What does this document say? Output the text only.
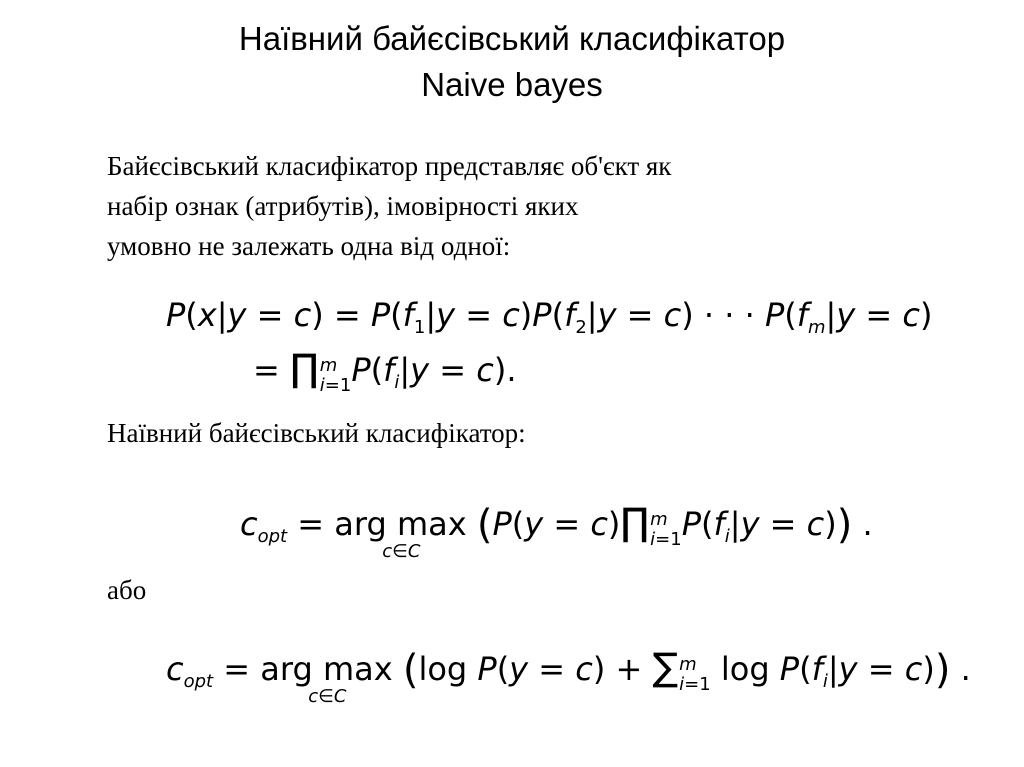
Наївний байєсівський класифікатор
Naive bayes
Байєсівський класифікатор представляє об'єкт як
набір ознак (атрибутів), імовірності яких
умовно не залежать одна від одної:
$P(x|y = c) = P(f_1|y = c)P(f_2|y = c)$ · · · $P(f_m|y = c)$
= ∏ m
i=1 $P(f_i|y = c)$.
Наївний байєсівський класифікатор:
$c_{opt}$ = arg max
c∈C
(P(y = c)∏ m
i=1 $P(f_i|y = c)$) .
або
$c_{opt}$ = arg max
c∈C
(log P(y = c) + ∑ m
i=1 $\log P(f_i|y = c)$) .
